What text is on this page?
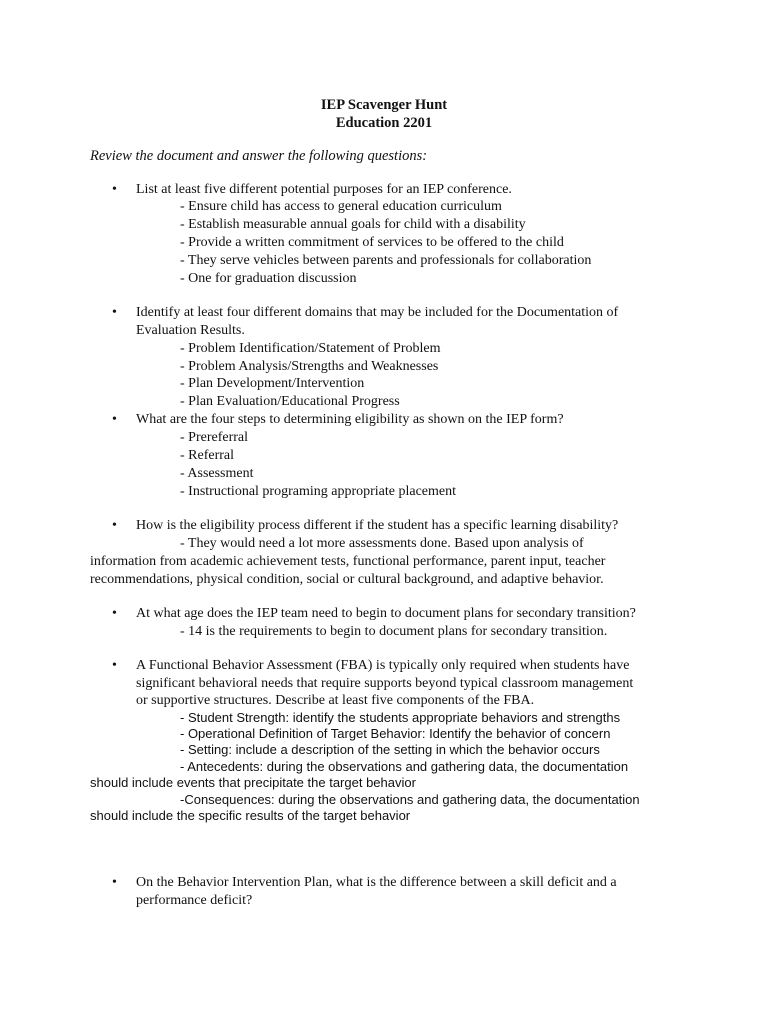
IEP Scavenger Hunt
Education 2201
Review the document and answer the following questions:
• List at least five different potential purposes for an IEP conference.
- Ensure child has access to general education curriculum
- Establish measurable annual goals for child with a disability
- Provide a written commitment of services to be offered to the child
- They serve vehicles between parents and professionals for collaboration
- One for graduation discussion
• Identify at least four different domains that may be included for the Documentation of
Evaluation Results.
- Problem Identification/Statement of Problem
- Problem Analysis/Strengths and Weaknesses
- Plan Development/Intervention
- Plan Evaluation/Educational Progress
• What are the four steps to determining eligibility as shown on the IEP form?
- Prereferral
- Referral
- Assessment
- Instructional programing appropriate placement
• How is the eligibility process different if the student has a specific learning disability?
- They would need a lot more assessments done. Based upon analysis of
information from academic achievement tests, functional performance, parent input, teacher
recommendations, physical condition, social or cultural background, and adaptive behavior.
• At what age does the IEP team need to begin to document plans for secondary transition?
- 14 is the requirements to begin to document plans for secondary transition.
• A Functional Behavior Assessment (FBA) is typically only required when students have
significant behavioral needs that require supports beyond typical classroom management
or supportive structures. Describe at least five components of the FBA.
- Student Strength: identify the students appropriate behaviors and strengths
- Operational Definition of Target Behavior: Identify the behavior of concern
- Setting: include a description of the setting in which the behavior occurs
- Antecedents: during the observations and gathering data, the documentation
should include events that precipitate the target behavior
-Consequences: during the observations and gathering data, the documentation
should include the specific results of the target behavior
• On the Behavior Intervention Plan, what is the difference between a skill deficit and a
performance deficit?
